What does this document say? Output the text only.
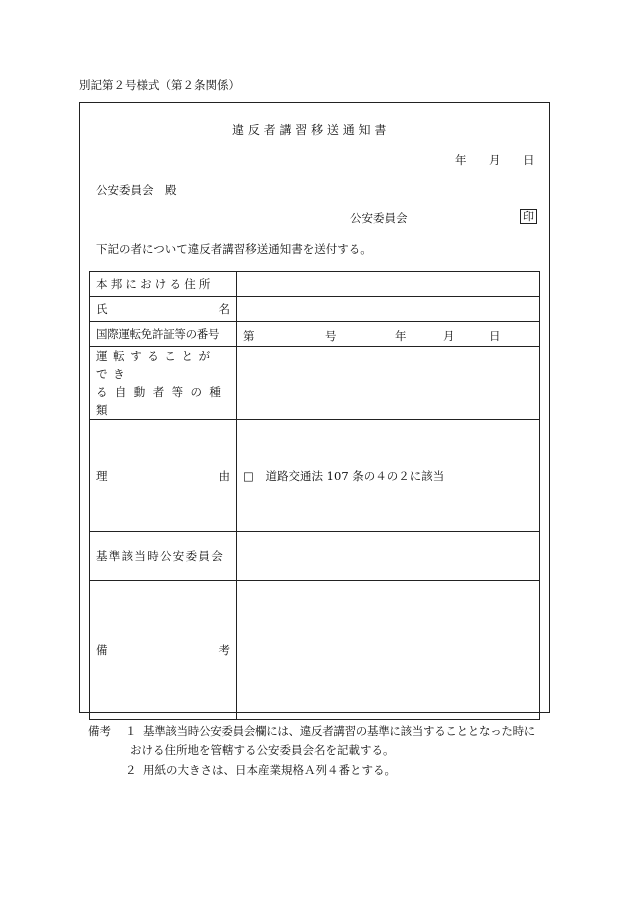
別記第２号様式（第２条関係）
違 反 者 講 習 移 送 通 知 書
年 月 日
公安委員会　殿
公安委員会	印
下記の者について違反者講習移送通知書を送付する。
本邦における住所	

氏 名	

国際運転免許証等の番号	第 号 年 月 日

運転することができ
る自動者等の種類	

理 由	□ 道路交通法 107 条の４の２に該当
基準該当時公安委員会	

備 考	

備考 １ 基準該当時公安委員会欄には、違反者講習の基準に該当することとなった時に
おける住所地を管轄する公安委員会名を記載する。
２ 用紙の大きさは、日本産業規格Ａ列４番とする。
